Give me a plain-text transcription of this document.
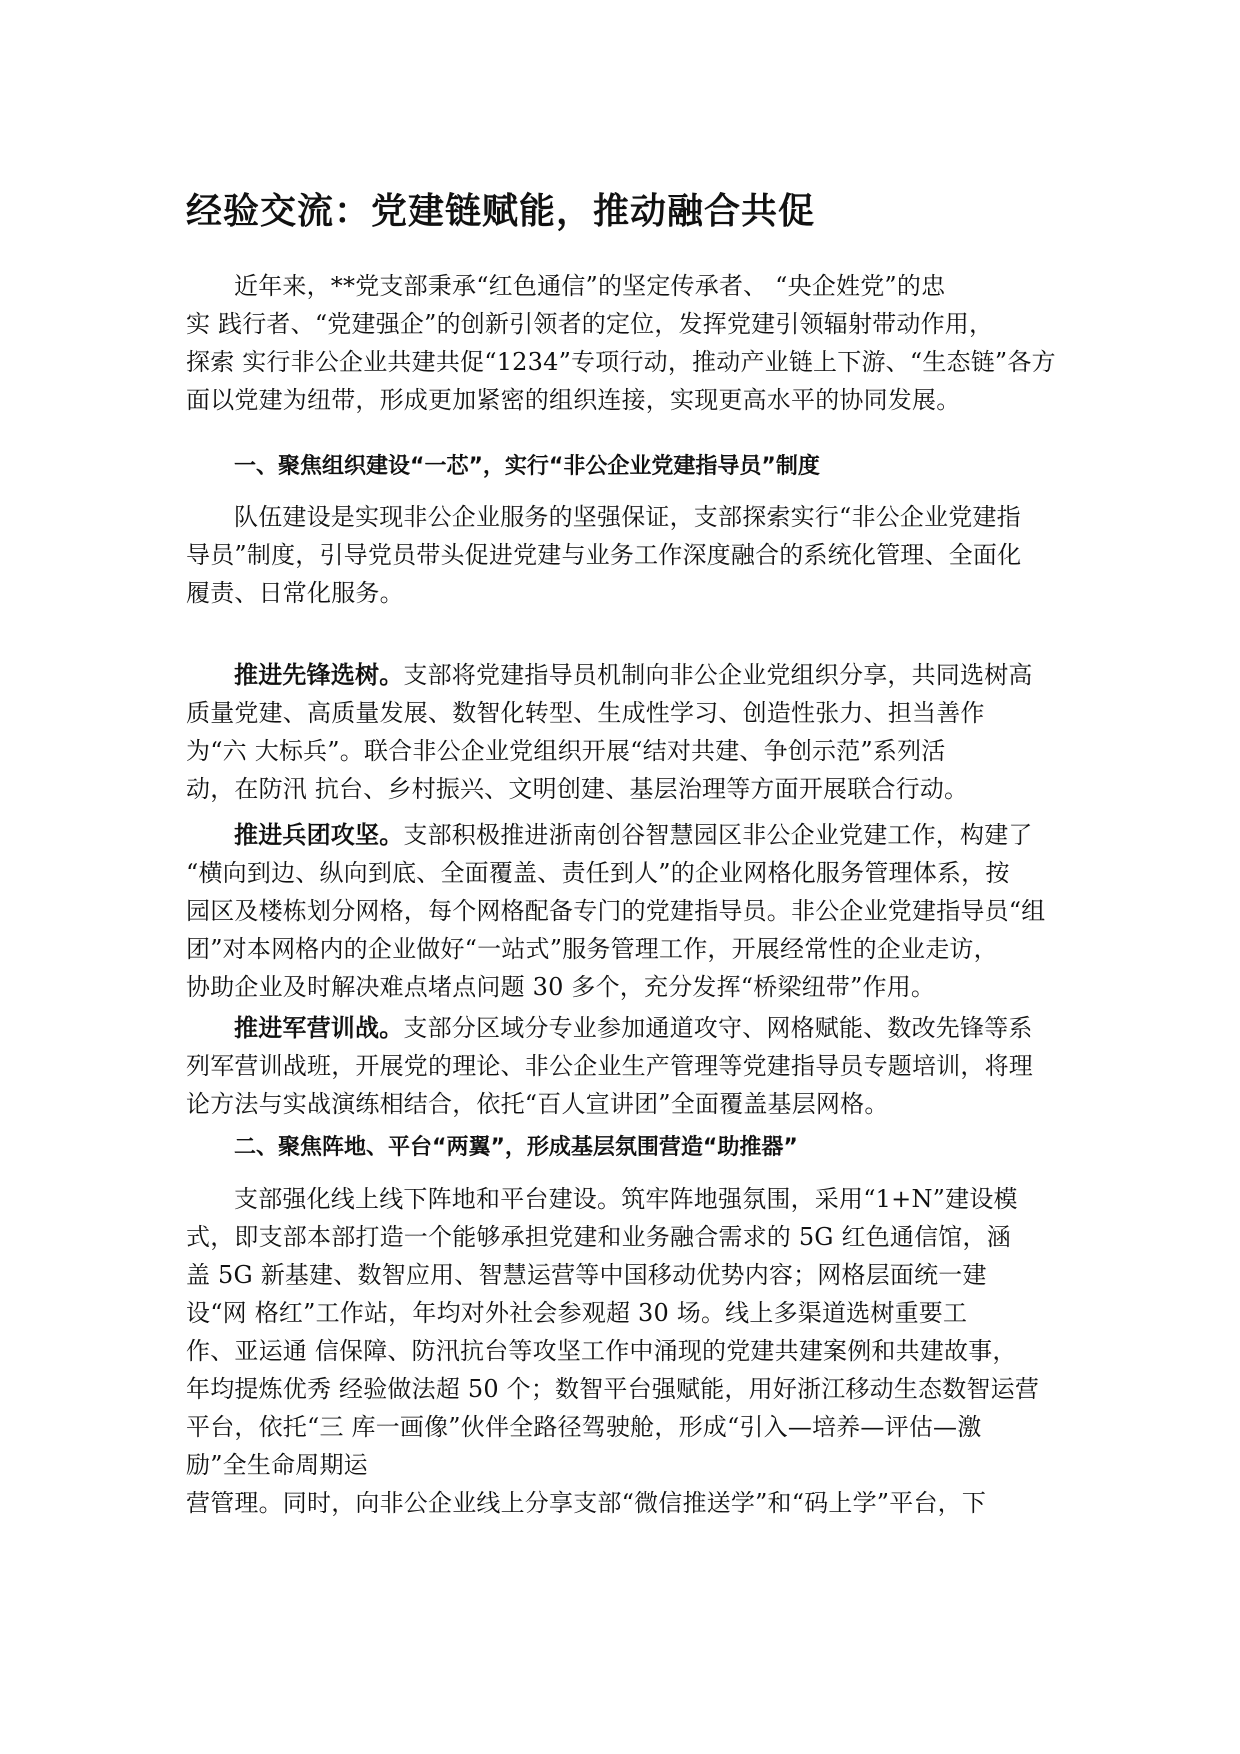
经验交流：党建链赋能，推动融合共促
近年来，**党支部秉承“红色通信”的坚定传承者、 “央企姓党”的忠
实 践行者、“党建强企”的创新引领者的定位，发挥党建引领辐射带动作用，
探索 实行非公企业共建共促“1234”专项行动，推动产业链上下游、“生态链”各方
面以党建为纽带，形成更加紧密的组织连接，实现更高水平的协同发展。
一、聚焦组织建设“一芯”，实行“非公企业党建指导员”制度
队伍建设是实现非公企业服务的坚强保证，支部探索实行“非公企业党建指
导员”制度，引导党员带头促进党建与业务工作深度融合的系统化管理、全面化
履责、日常化服务。
推进先锋选树。支部将党建指导员机制向非公企业党组织分享，共同选树高
质量党建、高质量发展、数智化转型、生成性学习、创造性张力、担当善作
为“六 大标兵”。联合非公企业党组织开展“结对共建、争创示范”系列活
动，在防汛 抗台、乡村振兴、文明创建、基层治理等方面开展联合行动。
推进兵团攻坚。支部积极推进浙南创谷智慧园区非公企业党建工作，构建了
“横向到边、纵向到底、全面覆盖、责任到人”的企业网格化服务管理体系，按
园区及楼栋划分网格，每个网格配备专门的党建指导员。非公企业党建指导员“组
团”对本网格内的企业做好“一站式”服务管理工作，开展经常性的企业走访，
协助企业及时解决难点堵点问题 30 多个，充分发挥“桥梁纽带”作用。
推进军营训战。支部分区域分专业参加通道攻守、网格赋能、数改先锋等系
列军营训战班，开展党的理论、非公企业生产管理等党建指导员专题培训，将理
论方法与实战演练相结合，依托“百人宣讲团”全面覆盖基层网格。
二、聚焦阵地、平台“两翼”，形成基层氛围营造“助推器”
支部强化线上线下阵地和平台建设。筑牢阵地强氛围，采用“1+N”建设模
式，即支部本部打造一个能够承担党建和业务融合需求的 5G 红色通信馆，涵
盖 5G 新基建、数智应用、智慧运营等中国移动优势内容；网格层面统一建
设“网 格红”工作站，年均对外社会参观超 30 场。线上多渠道选树重要工
作、亚运通 信保障、防汛抗台等攻坚工作中涌现的党建共建案例和共建故事，
年均提炼优秀 经验做法超 50 个；数智平台强赋能，用好浙江移动生态数智运营
平台，依托“三 库一画像”伙伴全路径驾驶舱，形成“引入—培养—评估—激
励”全生命周期运
营管理。同时，向非公企业线上分享支部“微信推送学”和“码上学”平台，下
